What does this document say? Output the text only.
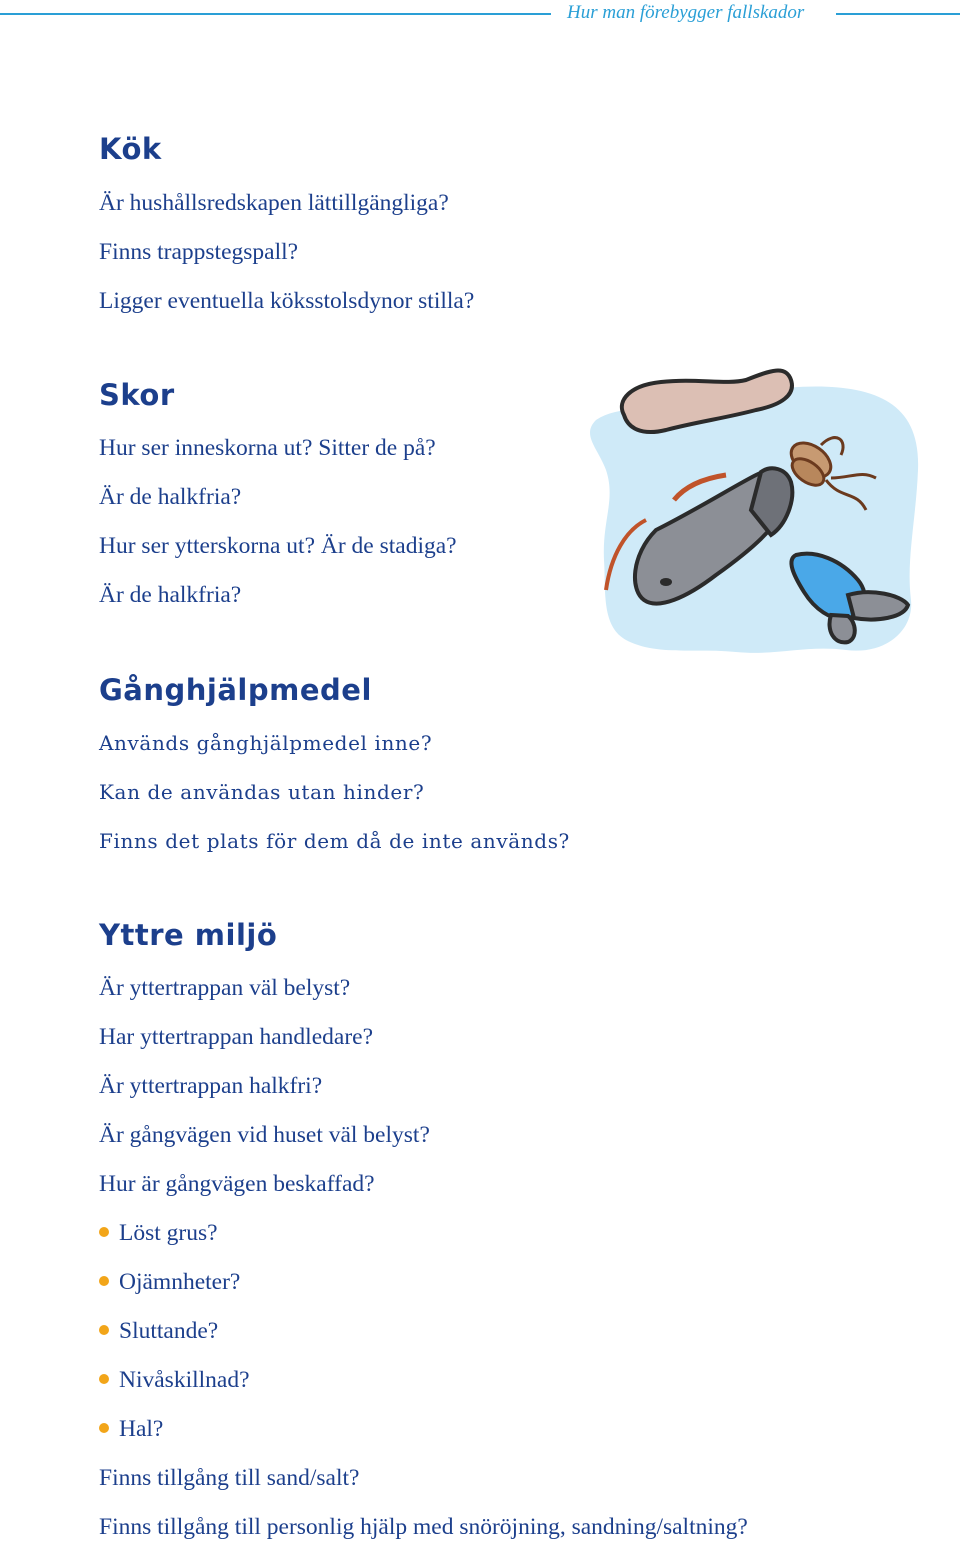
Hur man förebygger fallskador
Kök
Är hushållsredskapen lättillgängliga?
Finns trappstegspall?
Ligger eventuella köksstolsdynor stilla?
Skor
Hur ser inneskorna ut? Sitter de på?
Är de halkfria?
Hur ser ytterskorna ut? Är de stadiga?
Är de halkfria?
Gånghjälpmedel
Används gånghjälpmedel inne?
Kan de användas utan hinder?
Finns det plats för dem då de inte används?
Yttre miljö
Är yttertrappan väl belyst?
Har yttertrappan handledare?
Är yttertrappan halkfri?
Är gångvägen vid huset väl belyst?
Hur är gångvägen beskaffad?
Löst grus?
Ojämnheter?
Sluttande?
Nivåskillnad?
Hal?
Finns tillgång till sand/salt?
Finns tillgång till personlig hjälp med snöröjning, sandning/saltning?
